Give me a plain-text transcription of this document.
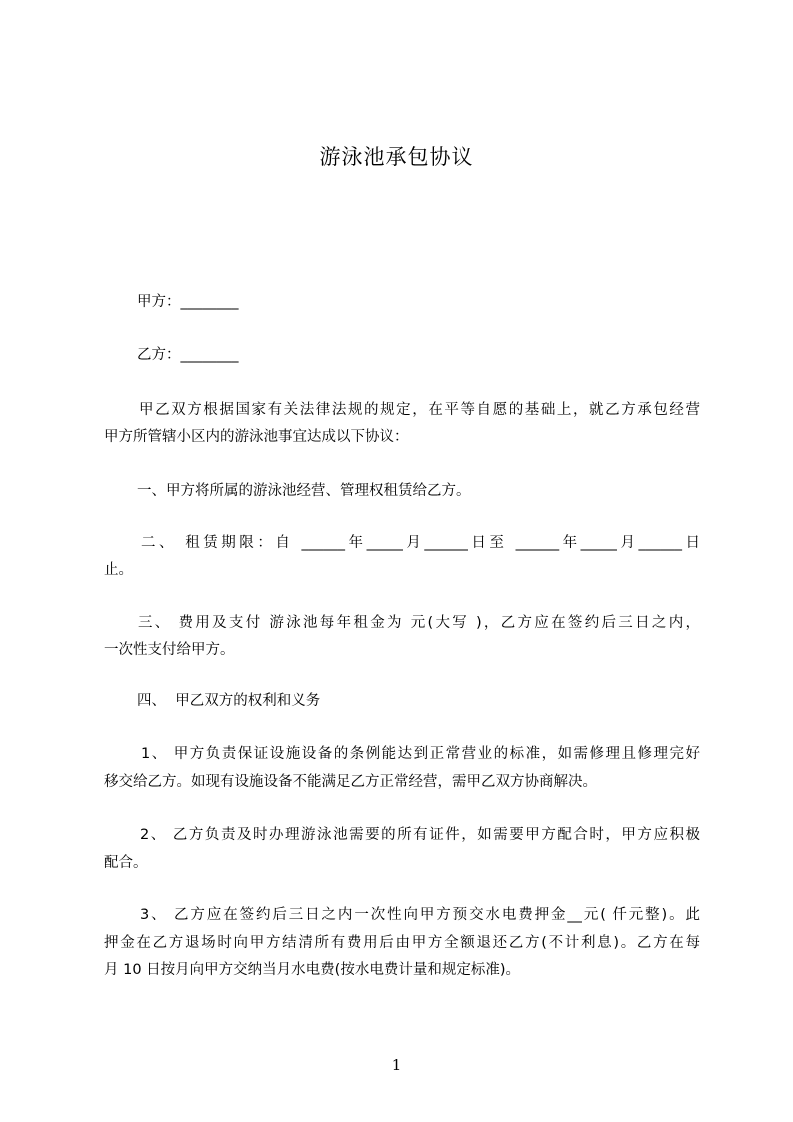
游泳池承包协议
甲方：________
乙方：________
甲乙双方根据国家有关法律法规的规定，在平等自愿的基础上，就乙方承包经营
甲方所管辖小区内的游泳池事宜达成以下协议：
一、甲方将所属的游泳池经营、管理权租赁给乙方。
二、 租赁期限：自 ______年_____月______日至 ______年_____月______日
止。
三、 费用及支付 游泳池每年租金为 元(大写 )，乙方应在签约后三日之内，
一次性支付给甲方。
四、  甲乙双方的权利和义务
1、 甲方负责保证设施设备的条例能达到正常营业的标准，如需修理且修理完好
移交给乙方。如现有设施设备不能满足乙方正常经营，需甲乙双方协商解决。
2、 乙方负责及时办理游泳池需要的所有证件，如需要甲方配合时，甲方应积极
配合。
3、 乙方应在签约后三日之内一次性向甲方预交水电费押金__元( 仟元整)。此
押金在乙方退场时向甲方结清所有费用后由甲方全额退还乙方(不计利息)。乙方在每
月 10 日按月向甲方交纳当月水电费(按水电费计量和规定标准)。
1
